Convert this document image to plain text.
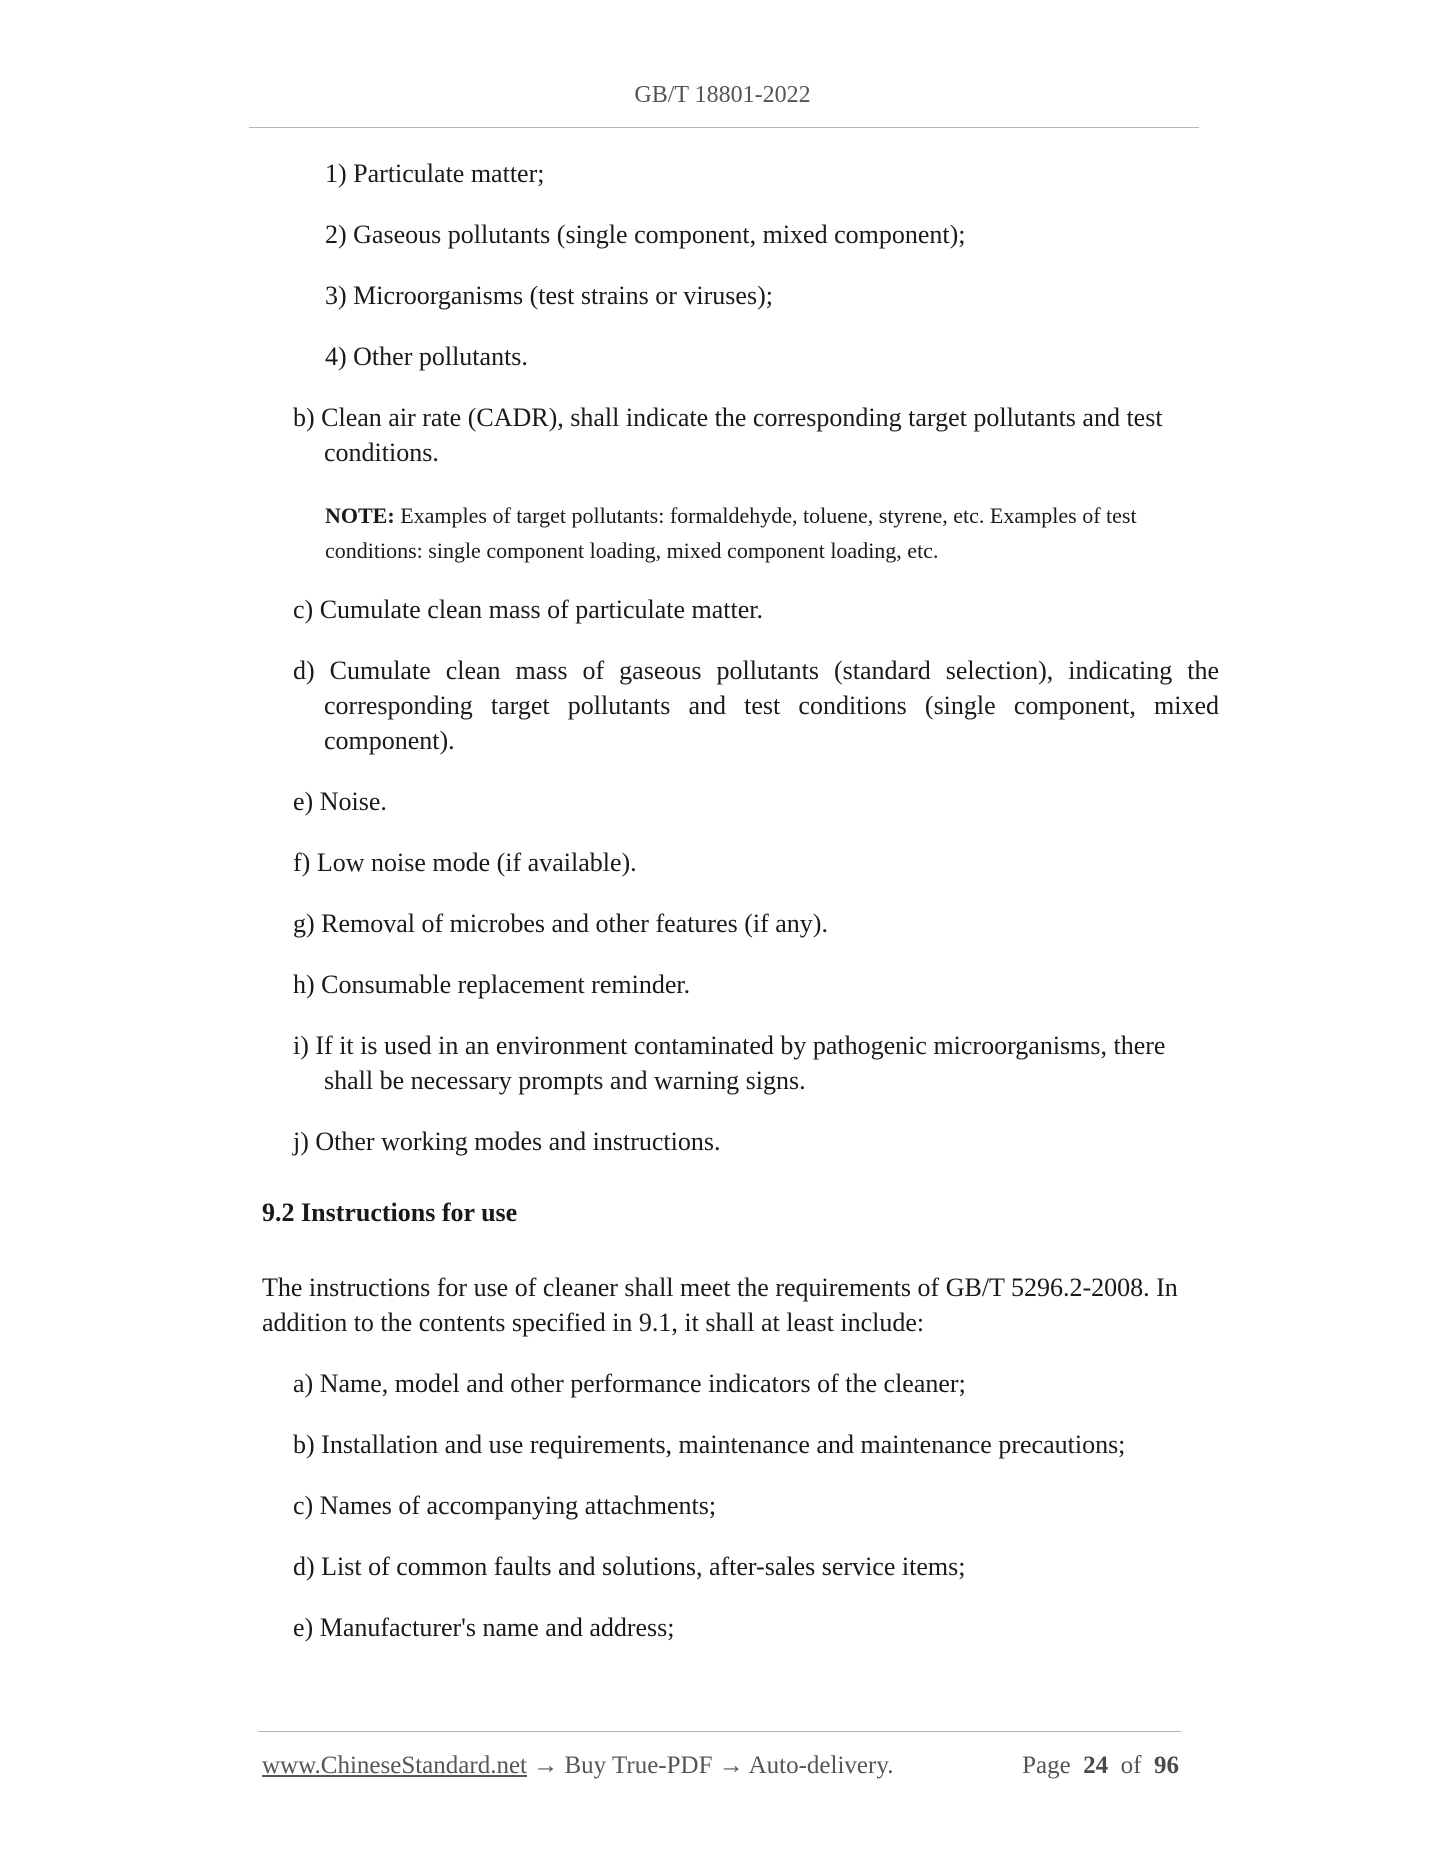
GB/T 18801-2022
1) Particulate matter;
2) Gaseous pollutants (single component, mixed component);
3) Microorganisms (test strains or viruses);
4) Other pollutants.
b) Clean air rate (CADR), shall indicate the corresponding target pollutants and test conditions.
NOTE: Examples of target pollutants: formaldehyde, toluene, styrene, etc. Examples of test conditions: single component loading, mixed component loading, etc.
c) Cumulate clean mass of particulate matter.
d) Cumulate clean mass of gaseous pollutants (standard selection), indicating the corresponding target pollutants and test conditions (single component, mixed component).
e) Noise.
f) Low noise mode (if available).
g) Removal of microbes and other features (if any).
h) Consumable replacement reminder.
i) If it is used in an environment contaminated by pathogenic microorganisms, there shall be necessary prompts and warning signs.
j) Other working modes and instructions.
9.2 Instructions for use
The instructions for use of cleaner shall meet the requirements of GB/T 5296.2-2008. In addition to the contents specified in 9.1, it shall at least include:
a) Name, model and other performance indicators of the cleaner;
b) Installation and use requirements, maintenance and maintenance precautions;
c) Names of accompanying attachments;
d) List of common faults and solutions, after-sales service items;
e) Manufacturer's name and address;
www.ChineseStandard.net → Buy True-PDF → Auto-delivery.	Page 24 of 96
